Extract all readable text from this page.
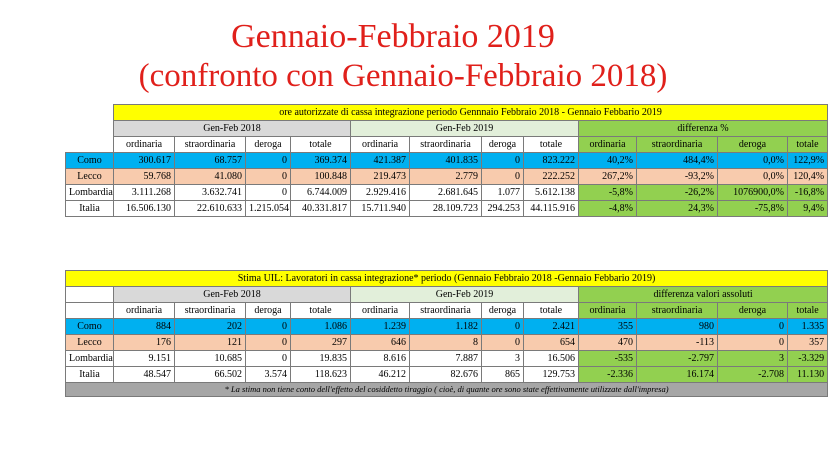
Gennaio-Febbraio 2019
(confronto con Gennaio-Febbraio 2018)
	ore autorizzate di cassa integrazione periodo Gennnaio Febbraio 2018 - Gennaio Febbario 2019											
	Gen-Feb 2018				Gen-Feb 2019				differenza %			
	ordinaria	straordinaria	deroga	totale	ordinaria	straordinaria	deroga	totale	ordinaria	straordinaria	deroga	totale
Como	300.617	68.757	0	369.374	421.387	401.835	0	823.222	40,2%	484,4%	0,0%	122,9%
Lecco	59.768	41.080	0	100.848	219.473	2.779	0	222.252	267,2%	-93,2%	0,0%	120,4%
Lombardia	3.111.268	3.632.741	0	6.744.009	2.929.416	2.681.645	1.077	5.612.138	-5,8%	-26,2%	1076900,0%	-16,8%
Italia	16.506.130	22.610.633	1.215.054	40.331.817	15.711.940	28.109.723	294.253	44.115.916	-4,8%	24,3%	-75,8%	9,4%
Stima UIL: Lavoratori in cassa integrazione* periodo (Gennaio Febbraio 2018 -Gennaio Febbario 2019)												
	Gen-Feb 2018				Gen-Feb 2019				differenza valori assoluti			
	ordinaria	straordinaria	deroga	totale	ordinaria	straordinaria	deroga	totale	ordinaria	straordinaria	deroga	totale
Como	884	202	0	1.086	1.239	1.182	0	2.421	355	980	0	1.335
Lecco	176	121	0	297	646	8	0	654	470	-113	0	357
Lombardia	9.151	10.685	0	19.835	8.616	7.887	3	16.506	-535	-2.797	3	-3.329
Italia	48.547	66.502	3.574	118.623	46.212	82.676	865	129.753	-2.336	16.174	-2.708	11.130
* La stima non tiene conto dell'effetto del cosiddetto tiraggio ( cioè, di quante ore sono state effettivamente utilizzate dall'impresa)												
